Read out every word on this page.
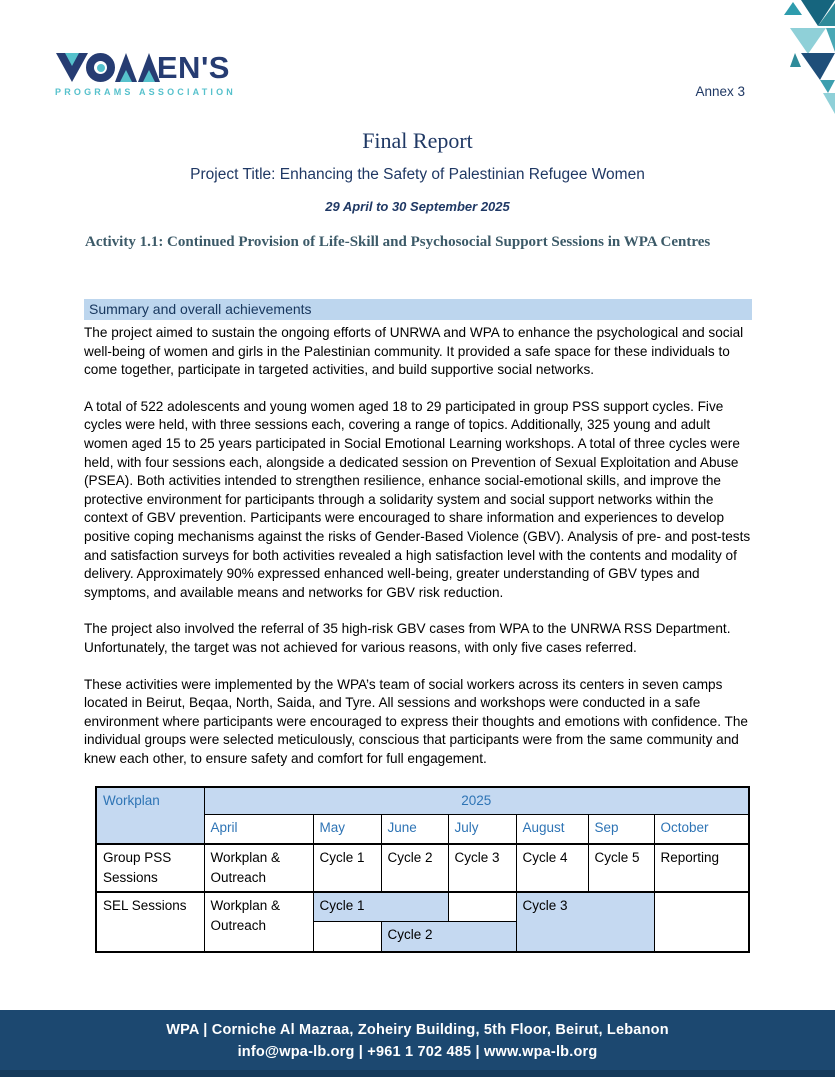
EN'S
PROGRAMS ASSOCIATION	Annex 3
Final Report
Project Title: Enhancing the Safety of Palestinian Refugee Women
29 April to 30 September 2025
Activity 1.1: Continued Provision of Life-Skill and Psychosocial Support Sessions in WPA Centres
Summary and overall achievements

The project aimed to sustain the ongoing efforts of UNRWA and WPA to enhance the psychological and social well-being of women and girls in the Palestinian community. It provided a safe space for these individuals to come together, participate in targeted activities, and build supportive social networks.

A total of 522 adolescents and young women aged 18 to 29 participated in group PSS support cycles. Five cycles were held, with three sessions each, covering a range of topics. Additionally, 325 young and adult women aged 15 to 25 years participated in Social Emotional Learning workshops. A total of three cycles were held, with four sessions each, alongside a dedicated session on Prevention of Sexual Exploitation and Abuse (PSEA). Both activities intended to strengthen resilience, enhance social-emotional skills, and improve the protective environment for participants through a solidarity system and social support networks within the context of GBV prevention. Participants were encouraged to share information and experiences to develop positive coping mechanisms against the risks of Gender-Based Violence (GBV). Analysis of pre- and post-tests and satisfaction surveys for both activities revealed a high satisfaction level with the contents and modality of delivery. Approximately 90% expressed enhanced well-being, greater understanding of GBV types and symptoms, and available means and networks for GBV risk reduction.

The project also involved the referral of 35 high-risk GBV cases from WPA to the UNRWA RSS Department. Unfortunately, the target was not achieved for various reasons, with only five cases referred.

These activities were implemented by the WPA’s team of social workers across its centers in seven camps located in Beirut, Beqaa, North, Saida, and Tyre. All sessions and workshops were conducted in a safe environment where participants were encouraged to express their thoughts and emotions with confidence. The individual groups were selected meticulously, conscious that participants were from the same community and knew each other, to ensure safety and comfort for full engagement.

Workplan	2025						
	April	May	June	July	August	Sep	October
Group PSS Sessions	Workplan & Outreach	Cycle 1	Cycle 2	Cycle 3	Cycle 4	Cycle 5	Reporting
SEL Sessions	Workplan & Outreach	Cycle 1			Cycle 3		
			Cycle 2				
WPA | Corniche Al Mazraa, Zoheiry Building, 5th Floor, Beirut, Lebanon
info@wpa-lb.org | +961 1 702 485 | www.wpa-lb.org
